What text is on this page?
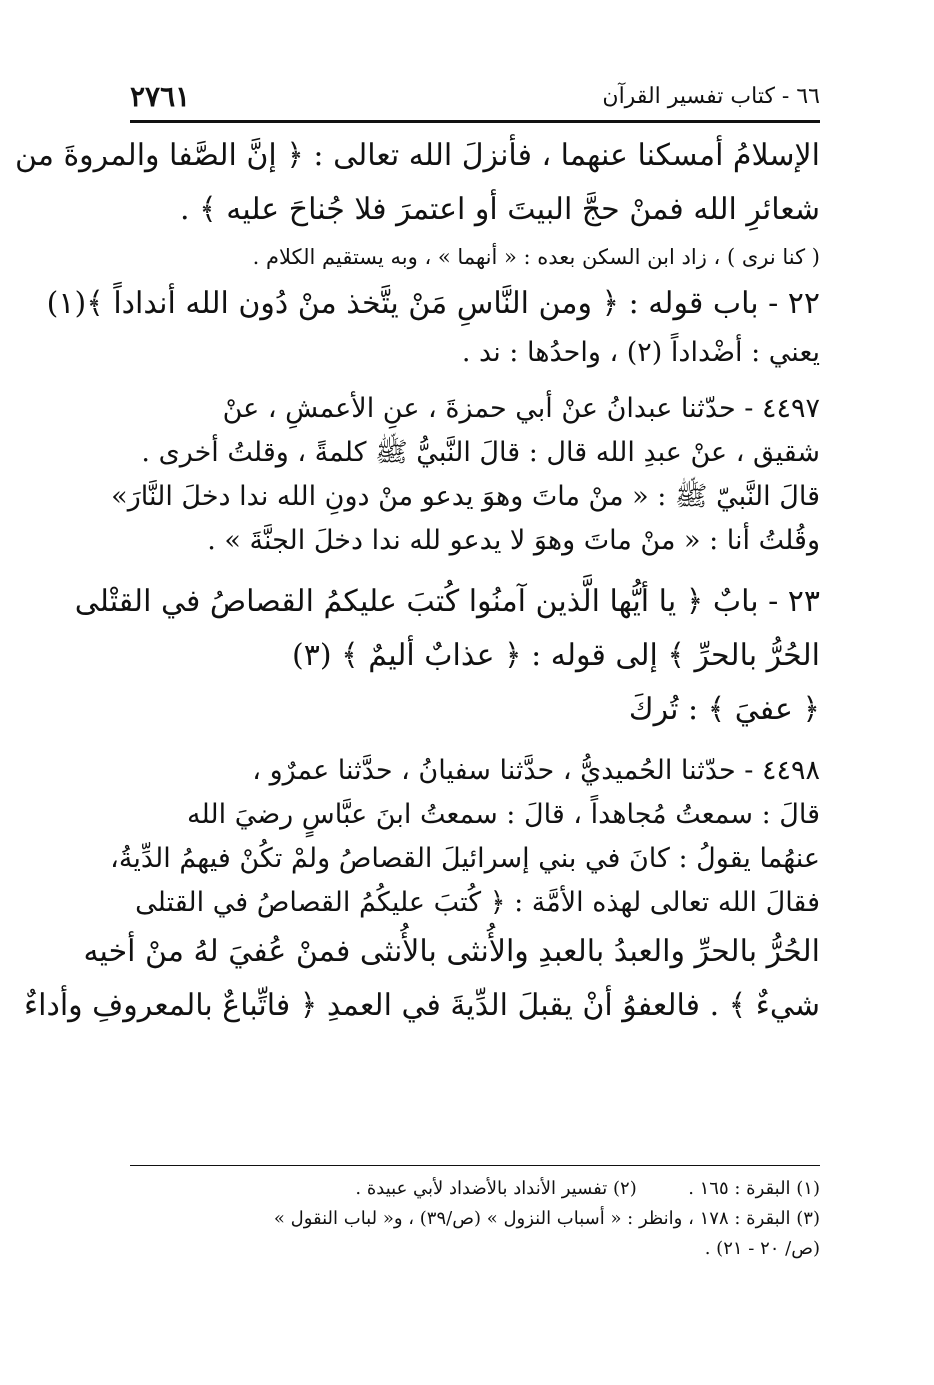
٦٦ - كتاب تفسير القرآن
٢٧٦١
الإسلامُ أمسكنا عنهما ، فأنزلَ الله تعالى : ﴿ إنَّ الصَّفا والمروةَ من
شعائرِ الله فمنْ حجَّ البيتَ أو اعتمرَ فلا جُناحَ عليه ﴾ .
( كنا نرى ) ، زاد ابن السكن بعده : « أنهما » ، وبه يستقيم الكلام .
٢٢ - باب قوله : ﴿ ومن النَّاسِ مَنْ يتَّخذ منْ دُون الله أنداداً ﴾(١)
يعني : أضْداداً (٢) ، واحدُها : ند .
٤٤٩٧ - حدّثنا عبدانُ عنْ أبي حمزةَ ، عنِ الأعمشِ ، عنْ
شقيق ، عنْ عبدِ الله قال : قالَ النَّبيُّ ﷺ كلمةً ، وقلتُ أخرى .
قالَ النَّبيّ ﷺ : « منْ ماتَ وهوَ يدعو منْ دونِ الله ندا دخلَ النَّارَ»
وقُلتُ أنا : « منْ ماتَ وهوَ لا يدعو لله ندا دخلَ الجنَّةَ » .
٢٣ - بابٌ ﴿ يا أيُّها الَّذين آمنُوا كُتبَ عليكمُ القصاصُ في القتْلى
الحُرُّ بالحرِّ ﴾ إلى قوله : ﴿ عذابٌ أليمٌ ﴾ (٣)
﴿ عفيَ ﴾ : تُركَ
٤٤٩٨ - حدّثنا الحُميديُّ ، حدَّثنا سفيانُ ، حدَّثنا عمرٌو ،
قالَ : سمعتُ مُجاهداً ، قالَ : سمعتُ ابنَ عبَّاسٍ رضيَ الله
عنهُما يقولُ : كانَ في بني إسرائيلَ القصاصُ ولمْ تكُنْ فيهمُ الدِّيةُ،
فقالَ الله تعالى لهذه الأمَّة : ﴿ كُتبَ عليكُمُ القصاصُ في القتلى
الحُرُّ بالحرِّ والعبدُ بالعبدِ والأُنثى بالأُنثى فمنْ عُفيَ لهُ منْ أخيه
شيءٌ ﴾ . فالعفوُ أنْ يقبلَ الدِّيةَ في العمدِ ﴿ فاتِّباعٌ بالمعروفِ وأداءٌ
(١) البقرة : ١٦٥ .  (٢) تفسير الأنداد بالأضداد لأبي عبيدة .
(٣) البقرة : ١٧٨ ، وانظر : « أسباب النزول » (ص/٣٩) ، و« لباب النقول »
(ص/ ٢٠ - ٢١) .
